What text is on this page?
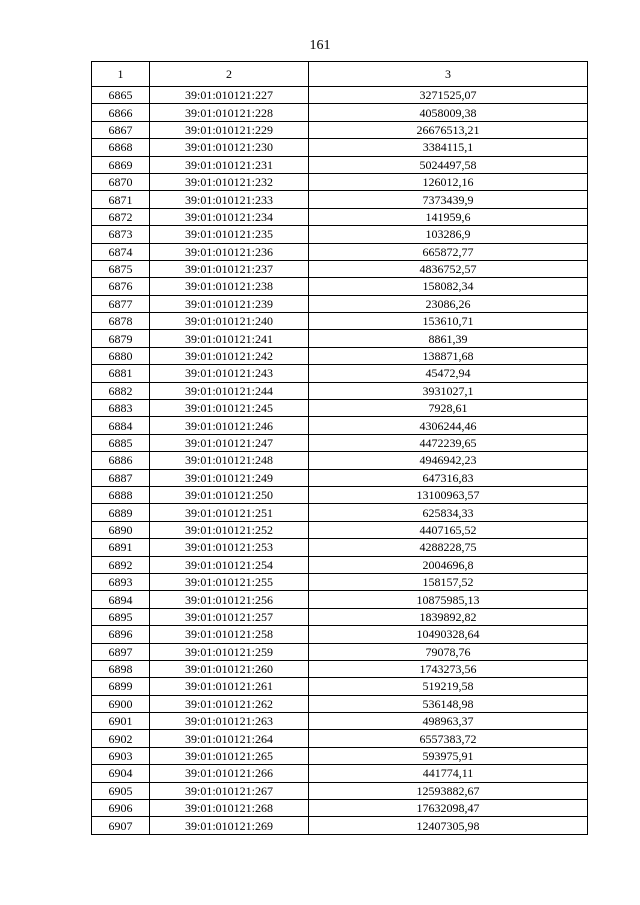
161
1	2	3
6865	39:01:010121:227	3271525,07
6866	39:01:010121:228	4058009,38
6867	39:01:010121:229	26676513,21
6868	39:01:010121:230	3384115,1
6869	39:01:010121:231	5024497,58
6870	39:01:010121:232	126012,16
6871	39:01:010121:233	7373439,9
6872	39:01:010121:234	141959,6
6873	39:01:010121:235	103286,9
6874	39:01:010121:236	665872,77
6875	39:01:010121:237	4836752,57
6876	39:01:010121:238	158082,34
6877	39:01:010121:239	23086,26
6878	39:01:010121:240	153610,71
6879	39:01:010121:241	8861,39
6880	39:01:010121:242	138871,68
6881	39:01:010121:243	45472,94
6882	39:01:010121:244	3931027,1
6883	39:01:010121:245	7928,61
6884	39:01:010121:246	4306244,46
6885	39:01:010121:247	4472239,65
6886	39:01:010121:248	4946942,23
6887	39:01:010121:249	647316,83
6888	39:01:010121:250	13100963,57
6889	39:01:010121:251	625834,33
6890	39:01:010121:252	4407165,52
6891	39:01:010121:253	4288228,75
6892	39:01:010121:254	2004696,8
6893	39:01:010121:255	158157,52
6894	39:01:010121:256	10875985,13
6895	39:01:010121:257	1839892,82
6896	39:01:010121:258	10490328,64
6897	39:01:010121:259	79078,76
6898	39:01:010121:260	1743273,56
6899	39:01:010121:261	519219,58
6900	39:01:010121:262	536148,98
6901	39:01:010121:263	498963,37
6902	39:01:010121:264	6557383,72
6903	39:01:010121:265	593975,91
6904	39:01:010121:266	441774,11
6905	39:01:010121:267	12593882,67
6906	39:01:010121:268	17632098,47
6907	39:01:010121:269	12407305,98
